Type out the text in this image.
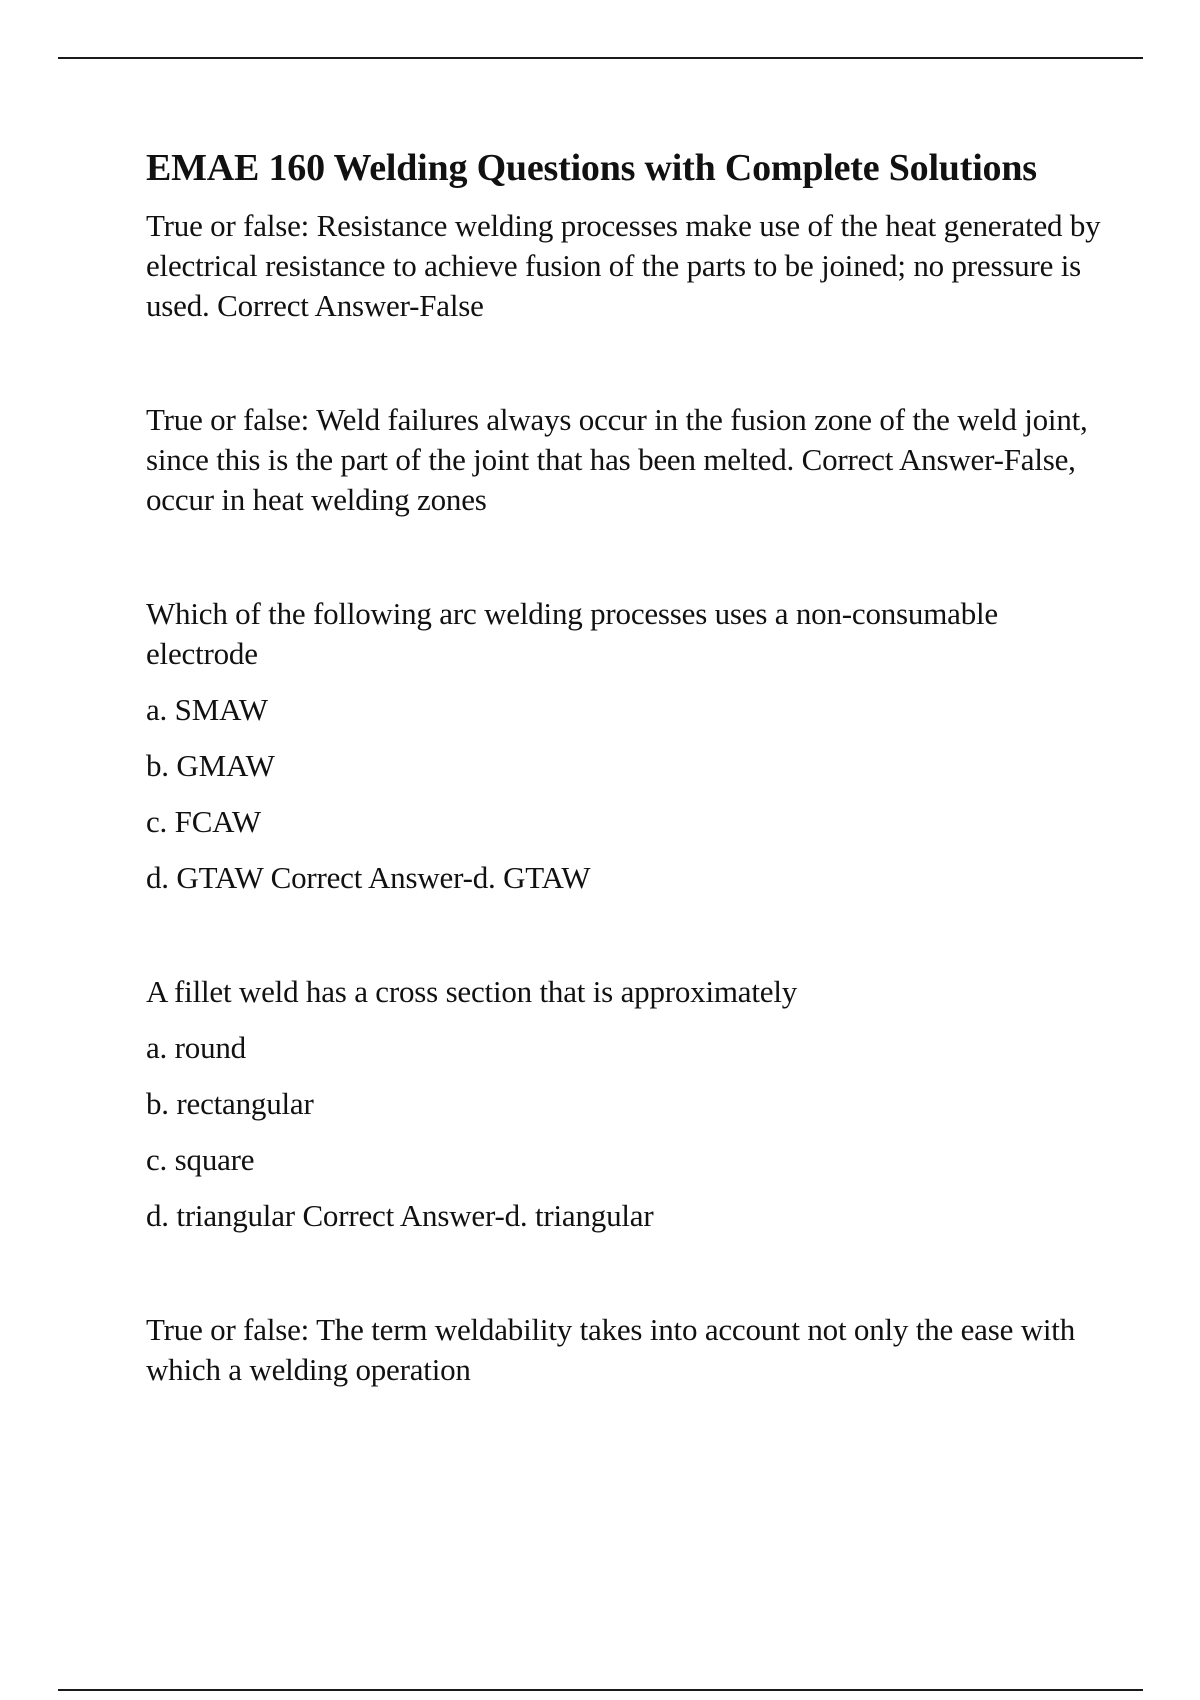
EMAE 160 Welding Questions with Complete Solutions

True or false: Resistance welding processes make use of the heat generated by electrical resistance to achieve fusion of the parts to be joined; no pressure is used. Correct Answer-False

True or false: Weld failures always occur in the fusion zone of the weld joint, since this is the part of the joint that has been melted. Correct Answer-False, occur in heat welding zones

Which of the following arc welding processes uses a non-consumable electrode

a. SMAW

b. GMAW

c. FCAW

d. GTAW Correct Answer-d. GTAW

A fillet weld has a cross section that is approximately

a. round

b. rectangular

c. square

d. triangular Correct Answer-d. triangular

True or false: The term weldability takes into account not only the ease with which a welding operation
